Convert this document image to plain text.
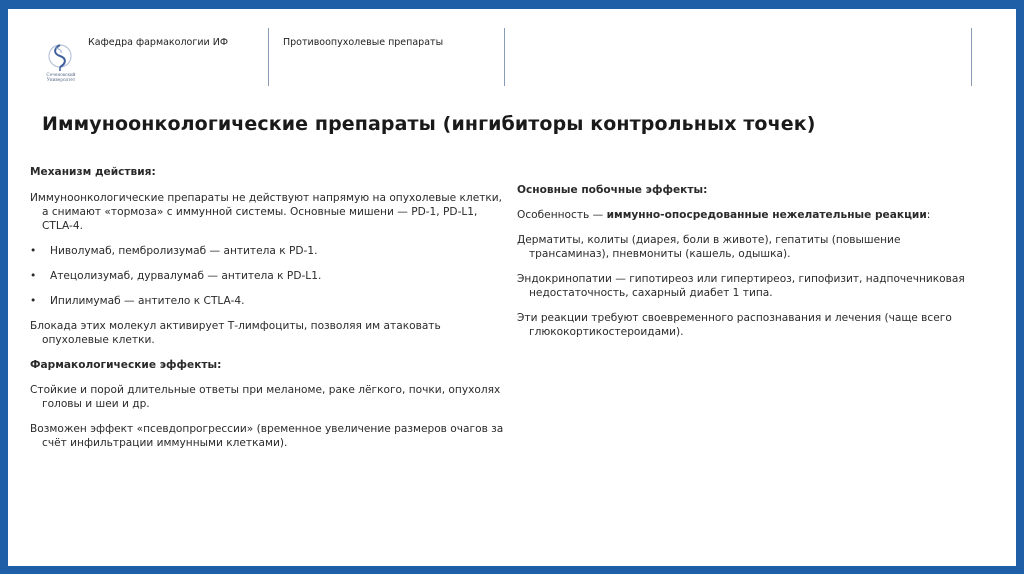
Сеченовский
Университет
Кафедра фармакологии ИФ	Противоопухолевые препараты
Иммуноонкологические препараты (ингибиторы контрольных точек)

Механизм действия:

Иммуноонкологические препараты не действуют напрямую на опухолевые клетки, а снимают «тормоза» с иммунной системы. Основные мишени — PD-1, PD-L1, CTLA-4.

• Ниволумаб, пембролизумаб — антитела к PD-1.

• Атецолизумаб, дурвалумаб — антитела к PD-L1.

• Ипилимумаб — антитело к CTLA-4.

Блокада этих молекул активирует Т-лимфоциты, позволяя им атаковать опухолевые клетки.

Фармакологические эффекты:

Стойкие и порой длительные ответы при меланоме, раке лёгкого, почки, опухолях головы и шеи и др.

Возможен эффект «псевдопрогрессии» (временное увеличение размеров очагов за счёт инфильтрации иммунными клетками).

Основные побочные эффекты:

Особенность — иммунно-опосредованные нежелательные реакции:

Дерматиты, колиты (диарея, боли в животе), гепатиты (повышение трансаминаз), пневмониты (кашель, одышка).

Эндокринопатии — гипотиреоз или гипертиреоз, гипофизит, надпочечниковая недостаточность, сахарный диабет 1 типа.

Эти реакции требуют своевременного распознавания и лечения (чаще всего глюкокортикостероидами).
